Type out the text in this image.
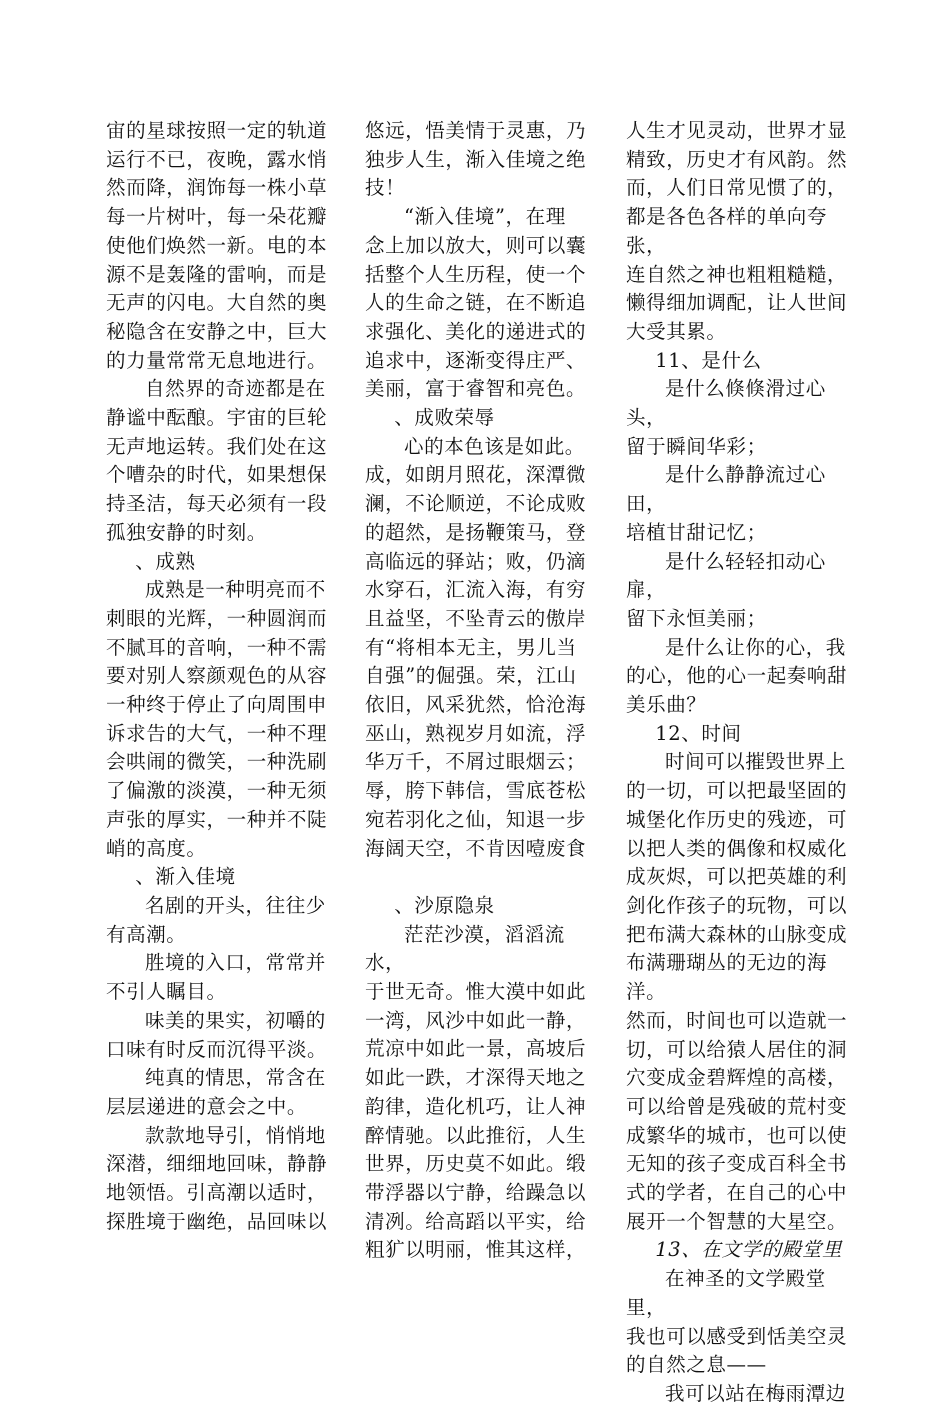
宙的星球按照一定的轨道
运行不已，夜晚，露水悄
然而降，润饰每一株小草
每一片树叶，每一朵花瓣
使他们焕然一新。电的本
源不是轰隆的雷响，而是
无声的闪电。大自然的奥
秘隐含在安静之中，巨大
的力量常常无息地进行。

自然界的奇迹都是在
静谧中酝酿。宇宙的巨轮
无声地运转。我们处在这
个嘈杂的时代，如果想保
持圣洁，每天必须有一段
孤独安静的时刻。

、成熟

成熟是一种明亮而不
刺眼的光辉，一种圆润而
不腻耳的音响，一种不需
要对别人察颜观色的从容
一种终于停止了向周围申
诉求告的大气，一种不理
会哄闹的微笑，一种洗刷
了偏激的淡漠，一种无须
声张的厚实，一种并不陡
峭的高度。

、渐入佳境

名剧的开头，往往少
有高潮。

胜境的入口，常常并
不引人瞩目。

味美的果实，初嚼的
口味有时反而沉得平淡。

纯真的情思，常含在
层层递进的意会之中。

款款地导引，悄悄地
深潜，细细地回味，静静
地领悟。引高潮以适时，
探胜境于幽绝，品回味以

悠远，悟美情于灵惠，乃
独步人生，渐入佳境之绝
技！

“渐入佳境”，在理
念上加以放大，则可以囊
括整个人生历程，使一个
人的生命之链，在不断追
求强化、美化的递进式的
追求中，逐渐变得庄严、
美丽，富于睿智和亮色。

、成败荣辱

心的本色该是如此。

成，如朗月照花，深潭微
澜，不论顺逆，不论成败
的超然，是扬鞭策马，登
高临远的驿站；败，仍滴
水穿石，汇流入海，有穷
且益坚，不坠青云的傲岸
有“将相本无主，男儿当
自强”的倔强。荣，江山
依旧，风采犹然，恰沧海
巫山，熟视岁月如流，浮
华万千，不屑过眼烟云；
辱，胯下韩信，雪底苍松
宛若羽化之仙，知退一步
海阔天空，不肯因噎废食

、沙原隐泉

茫茫沙漠，滔滔流水，

于世无奇。惟大漠中如此
一湾，风沙中如此一静，
荒凉中如此一景，高坡后
如此一跌，才深得天地之
韵律，造化机巧，让人神
醉情驰。以此推衍，人生
世界，历史莫不如此。缎
带浮器以宁静，给躁急以
清冽。给高蹈以平实，给
粗犷以明丽，惟其这样，

人生才见灵动，世界才显
精致，历史才有风韵。然
而，人们日常见惯了的，
都是各色各样的单向夸张，
连自然之神也粗粗糙糙，
懒得细加调配，让人世间
大受其累。

11、是什么

是什么倏倏滑过心头，
留于瞬间华彩；

是什么静静流过心田，
培植甘甜记忆；

是什么轻轻扣动心扉，
留下永恒美丽；

是什么让你的心，我
的心，他的心一起奏响甜
美乐曲？

12、时间

时间可以摧毁世界上
的一切，可以把最坚固的
城堡化作历史的残迹，可
以把人类的偶像和权威化
成灰烬，可以把英雄的利
剑化作孩子的玩物，可以
把布满大森林的山脉变成
布满珊瑚丛的无边的海洋。
然而，时间也可以造就一
切，可以给猿人居住的洞
穴变成金碧辉煌的高楼，
可以给曾是残破的荒村变
成繁华的城市，也可以使
无知的孩子变成百科全书
式的学者，在自己的心中
展开一个智慧的大星空。

13、在文学的殿堂里

在神圣的文学殿堂里，
我也可以感受到恬美空灵
的自然之息——

我可以站在梅雨潭边
